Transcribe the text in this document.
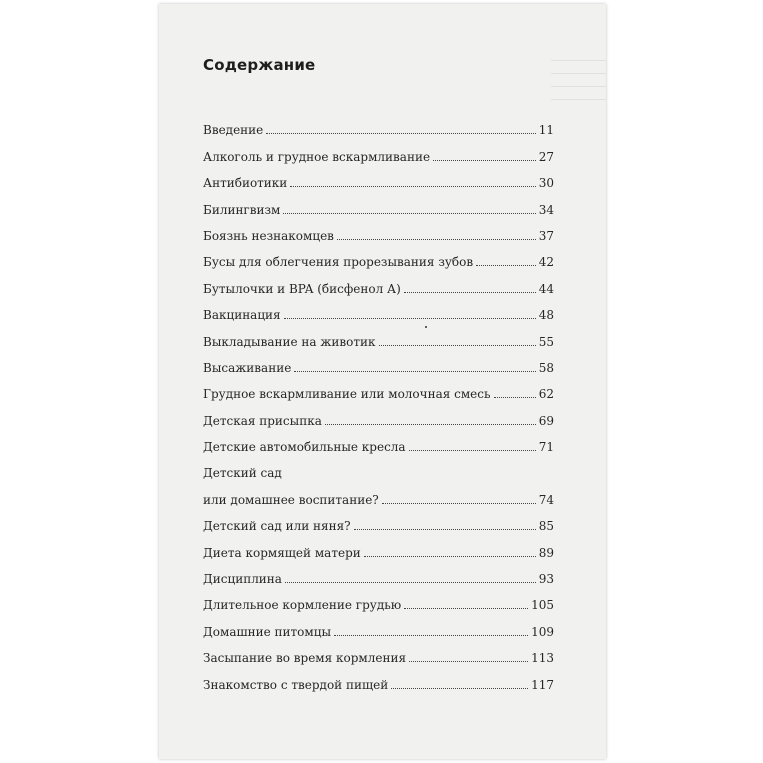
Содержание
Введение	11
Алкоголь и грудное вскармливание	27
Антибиотики	30
Билингвизм	34
Боязнь незнакомцев	37
Бусы для облегчения прорезывания зубов	42
Бутылочки и BPA (бисфенол А)	44
Вакцинация	48
Выкладывание на животик	55
Высаживание	58
Грудное вскармливание или молочная смесь	62
Детская присыпка	69
Детские автомобильные кресла	71
Детский сад
или домашнее воспитание?	74
Детский сад или няня?	85
Диета кормящей матери	89
Дисциплина	93
Длительное кормление грудью	105
Домашние питомцы	109
Засыпание во время кормления	113
Знакомство с твердой пищей	117
